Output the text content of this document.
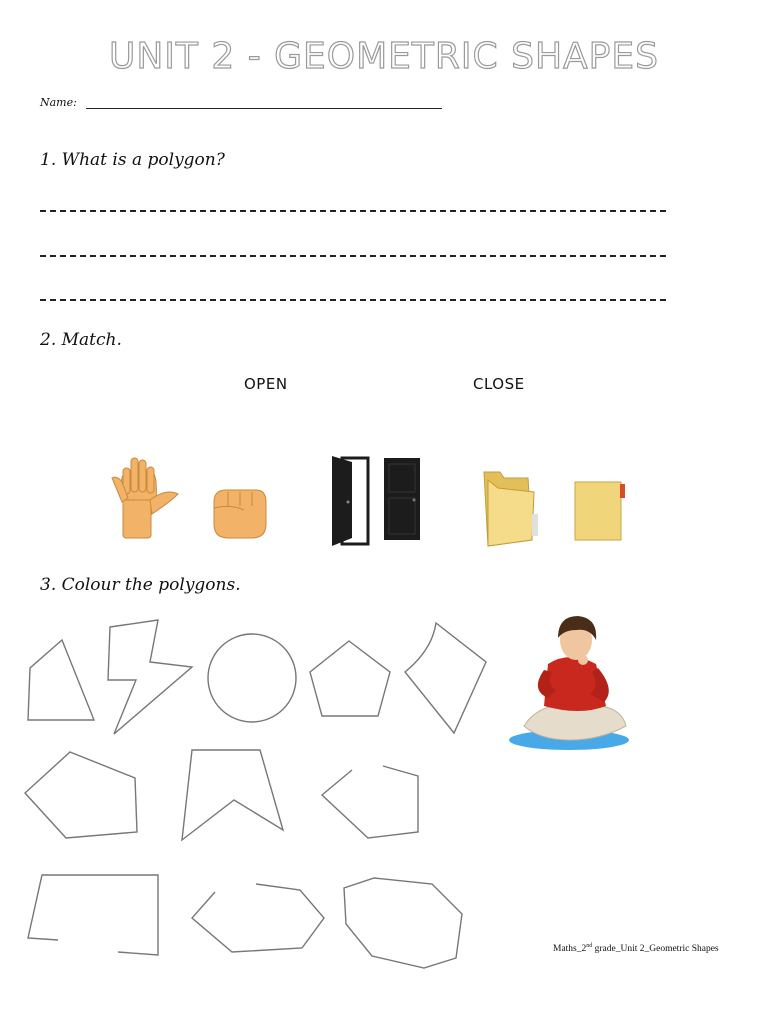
UNIT 2 - GEOMETRIC SHAPES
Name:
1. What is a polygon?
2. Match.
OPEN	CLOSE
3. Colour the polygons.
Maths_2nd grade_Unit 2_Geometric Shapes
